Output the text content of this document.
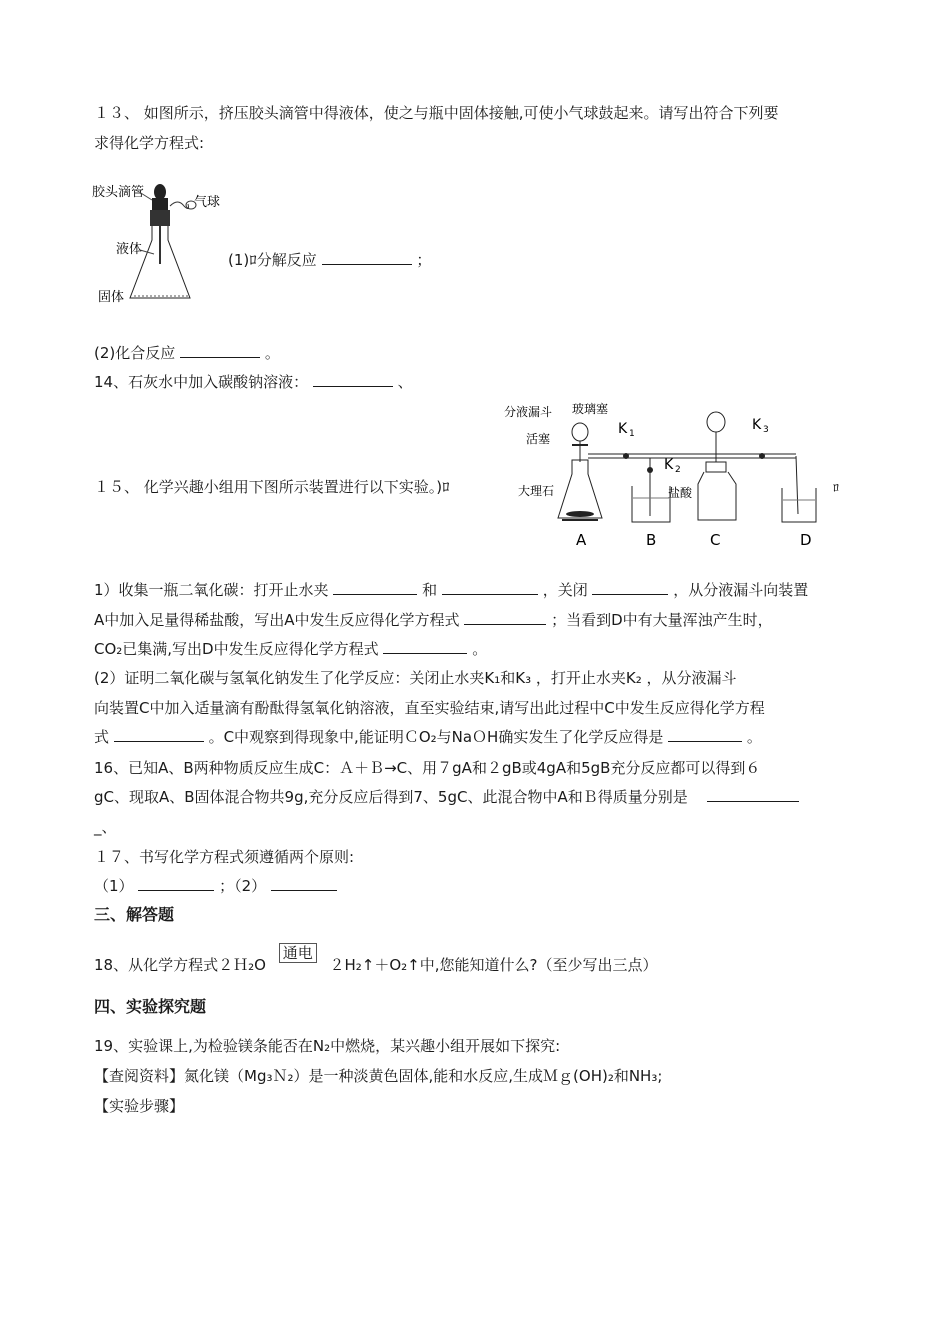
１３、 如图所示，挤压胶头滴管中得液体，使之与瓶中固体接触,可使小气球鼓起来。请写出符合下列要
求得化学方程式:
胶头滴管
气球
液体
固体
(1)ﾛ分解反应	；
(2)化合反应	。
14、石灰水中加入碳酸钠溶液：	、
分液漏斗 玻璃塞
活塞
大理石	盐酸
K 1
K 2
K 3
ﾛ
A	B	C	D
１５、 化学兴趣小组用下图所示装置进行以下实验。)ﾛ
1）收集一瓶二氧化碳：打开止水夹	和	，关闭	，从分液漏斗向装置
A中加入足量得稀盐酸，写出A中发生反应得化学方程式	；当看到D中有大量浑浊产生时，
CO₂已集满,写出D中发生反应得化学方程式	。
(2）证明二氧化碳与氢氧化钠发生了化学反应：关闭止水夹K₁和K₃ ，打开止水夹K₂ ，从分液漏斗
向装置C中加入适量滴有酚酞得氢氧化钠溶液，直至实验结束,请写出此过程中C中发生反应得化学方程
式	。C中观察到得现象中,能证明ＣO₂与NaＯH确实发生了化学反应得是	。
16、已知A、B两种物质反应生成C：Ａ＋Ｂ→C、用７gA和２gB或4gA和5gB充分反应都可以得到６
gC、现取A、B固体混合物共9g,充分反应后得到7、5gC、此混合物中A和Ｂ得质量分别是
_、
１７、书写化学方程式须遵循两个原则:
（1）	；（2）
三、解答题
18、从化学方程式２Ｈ₂O 通电 ２H₂↑＋O₂↑中,您能知道什么?（至少写出三点）
四、实验探究题
19、实验课上,为检验镁条能否在N₂中燃烧，某兴趣小组开展如下探究:
【查阅资料】氮化镁（Mg₃Ｎ₂）是一种淡黄色固体,能和水反应,生成Ｍｇ(OH)₂和NH₃;
【实验步骤】
